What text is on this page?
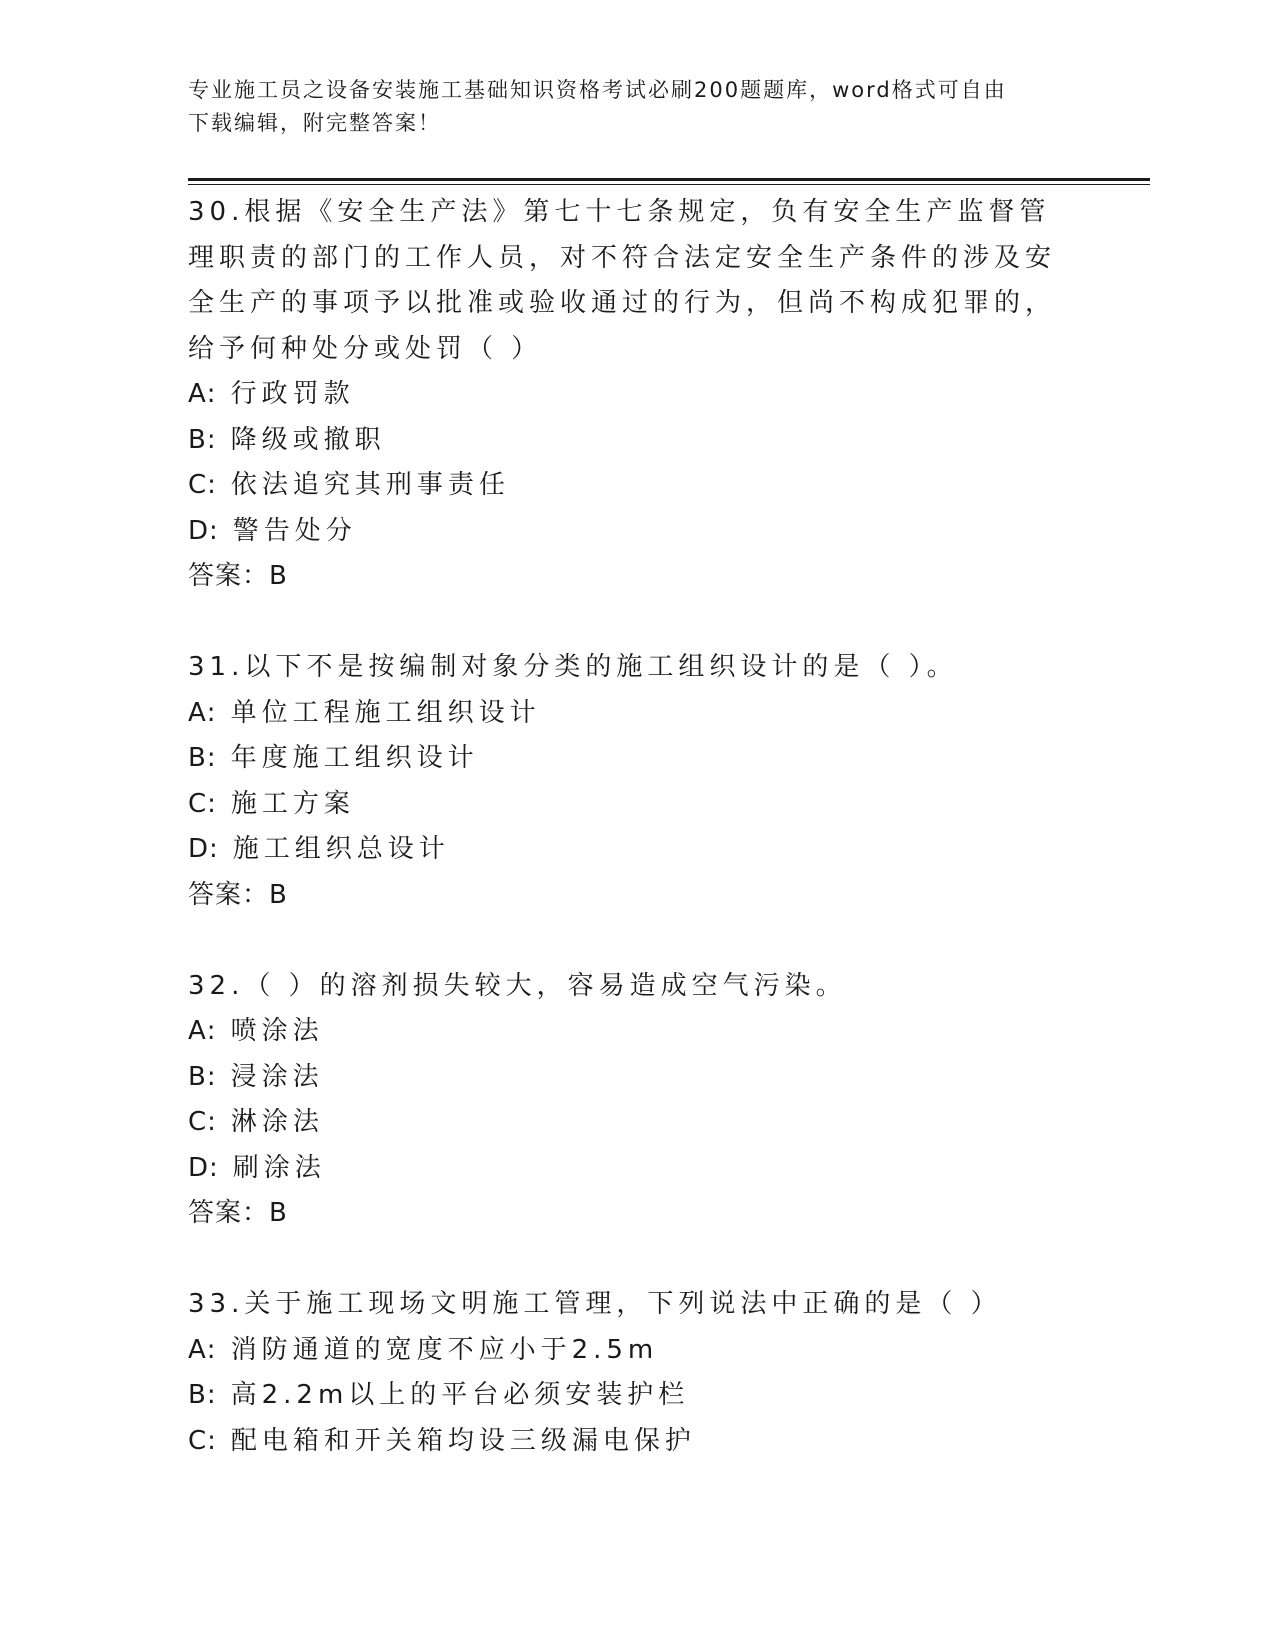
专业施工员之设备安装施工基础知识资格考试必刷200题题库，word格式可自由
下载编辑，附完整答案！

30.根据《安全生产法》第七十七条规定，负有安全生产监督管理职责的部门的工作人员，对不符合法定安全生产条件的涉及安全生产的事项予以批准或验收通过的行为，但尚不构成犯罪的，给予何种处分或处罚（ ）

A: 行政罚款

B: 降级或撤职

C: 依法追究其刑事责任

D: 警告处分

答案：B

31.以下不是按编制对象分类的施工组织设计的是（ ）。

A: 单位工程施工组织设计

B: 年度施工组织设计

C: 施工方案

D: 施工组织总设计

答案：B

32.（ ）的溶剂损失较大，容易造成空气污染。

A: 喷涂法

B: 浸涂法

C: 淋涂法

D: 刷涂法

答案：B

33.关于施工现场文明施工管理，下列说法中正确的是（ ）

A: 消防通道的宽度不应小于2.5m

B: 高2.2m以上的平台必须安装护栏

C: 配电箱和开关箱均设三级漏电保护
